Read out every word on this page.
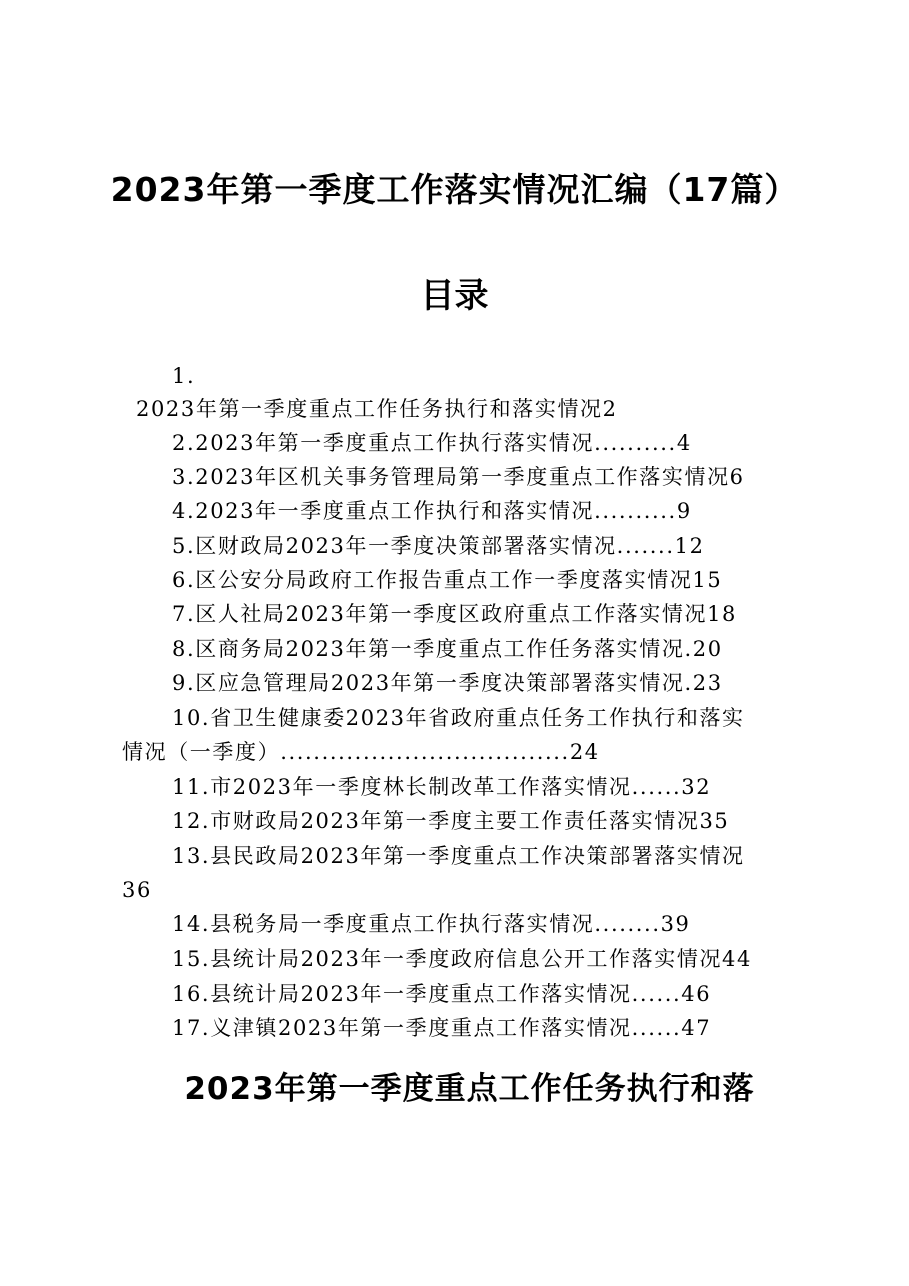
2023年第一季度工作落实情况汇编（17篇）
目录
1.
2023年第一季度重点工作任务执行和落实情况2
2.2023年第一季度重点工作执行落实情况..........4
3.2023年区机关事务管理局第一季度重点工作落实情况6
4.2023年一季度重点工作执行和落实情况..........9
5.区财政局2023年一季度决策部署落实情况.......12
6.区公安分局政府工作报告重点工作一季度落实情况15
7.区人社局2023年第一季度区政府重点工作落实情况18
8.区商务局2023年第一季度重点工作任务落实情况.20
9.区应急管理局2023年第一季度决策部署落实情况.23
10.省卫生健康委2023年省政府重点任务工作执行和落实
情况（一季度）...................................24
11.市2023年一季度林长制改革工作落实情况......32
12.市财政局2023年第一季度主要工作责任落实情况35
13.县民政局2023年第一季度重点工作决策部署落实情况
36
14.县税务局一季度重点工作执行落实情况........39
15.县统计局2023年一季度政府信息公开工作落实情况44
16.县统计局2023年一季度重点工作落实情况......46
17.义津镇2023年第一季度重点工作落实情况......47
2023年第一季度重点工作任务执行和落
